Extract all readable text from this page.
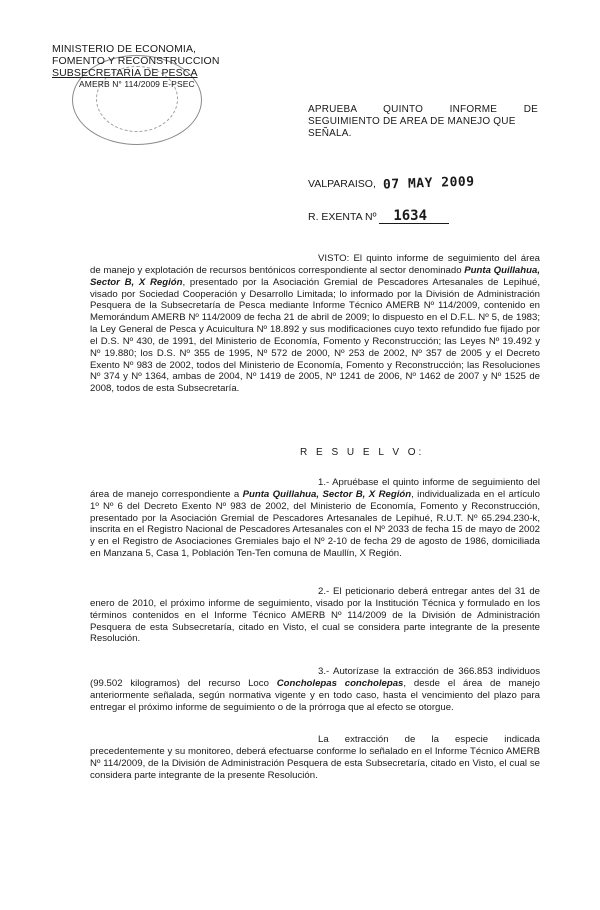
MINISTERIO DE ECONOMIA,
FOMENTO Y RECONSTRUCCION
SUBSECRETARIA DE PESCA
AMERB N° 114/2009 E-PSEC
APRUEBA QUINTO INFORME DE
SEGUIMIENTO DE AREA DE MANEJO QUE
SEÑALA.
VALPARAISO, 07 MAY 2009
R. EXENTA Nº 1634
VISTO: El quinto informe de seguimiento del área de manejo y explotación de recursos bentónicos correspondiente al sector denominado Punta Quillahua, Sector B, X Región, presentado por la Asociación Gremial de Pescadores Artesanales de Lepihué, visado por Sociedad Cooperación y Desarrollo Limitada; lo informado por la División de Administración Pesquera de la Subsecretaría de Pesca mediante Informe Técnico AMERB Nº 114/2009, contenido en Memorándum AMERB Nº 114/2009 de fecha 21 de abril de 2009; lo dispuesto en el D.F.L. Nº 5, de 1983; la Ley General de Pesca y Acuicultura Nº 18.892 y sus modificaciones cuyo texto refundido fue fijado por el D.S. Nº 430, de 1991, del Ministerio de Economía, Fomento y Reconstrucción; las Leyes Nº 19.492 y Nº 19.880; los D.S. Nº 355 de 1995, Nº 572 de 2000, Nº 253 de 2002, Nº 357 de 2005 y el Decreto Exento Nº 983 de 2002, todos del Ministerio de Economía, Fomento y Reconstrucción; las Resoluciones Nº 374 y Nº 1364, ambas de 2004, Nº 1419 de 2005, Nº 1241 de 2006, Nº 1462 de 2007 y Nº 1525 de 2008, todos de esta Subsecretaría.
R E S U E L V O:
1.- Apruébase el quinto informe de seguimiento del área de manejo correspondiente a Punta Quillahua, Sector B, X Región, individualizada en el artículo 1º Nº 6 del Decreto Exento Nº 983 de 2002, del Ministerio de Economía, Fomento y Reconstrucción, presentado por la Asociación Gremial de Pescadores Artesanales de Lepihué, R.U.T. Nº 65.294.230-k, inscrita en el Registro Nacional de Pescadores Artesanales con el Nº 2033 de fecha 15 de mayo de 2002 y en el Registro de Asociaciones Gremiales bajo el Nº 2-10 de fecha 29 de agosto de 1986, domiciliada en Manzana 5, Casa 1, Población Ten-Ten comuna de Maullín, X Región.
2.- El peticionario deberá entregar antes del 31 de enero de 2010, el próximo informe de seguimiento, visado por la Institución Técnica y formulado en los términos contenidos en el Informe Técnico AMERB Nº 114/2009 de la División de Administración Pesquera de esta Subsecretaría, citado en Visto, el cual se considera parte integrante de la presente Resolución.
3.- Autorízase la extracción de 366.853 individuos (99.502 kilogramos) del recurso Loco Concholepas concholepas, desde el área de manejo anteriormente señalada, según normativa vigente y en todo caso, hasta el vencimiento del plazo para entregar el próximo informe de seguimiento o de la prórroga que al efecto se otorgue.
La extracción de la especie indicada precedentemente y su monitoreo, deberá efectuarse conforme lo señalado en el Informe Técnico AMERB Nº 114/2009, de la División de Administración Pesquera de esta Subsecretaría, citado en Visto, el cual se considera parte integrante de la presente Resolución.
